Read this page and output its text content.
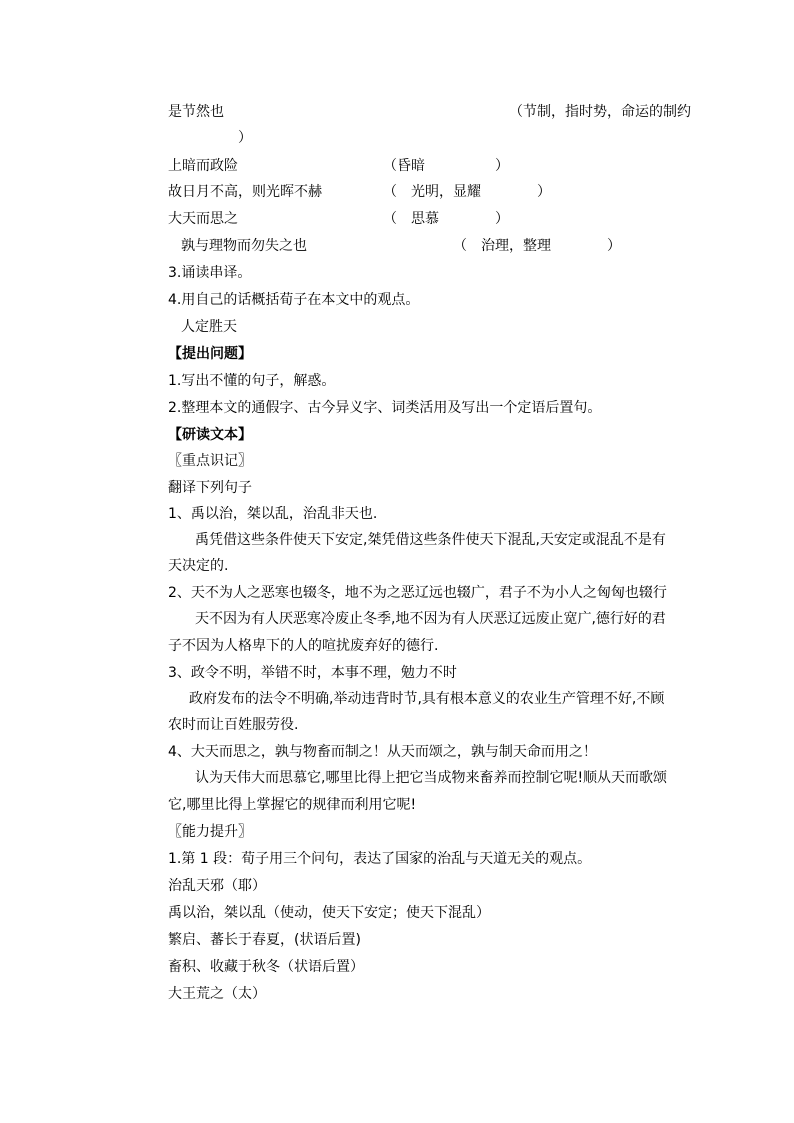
是节然也	（节制，指时势，命运的制约
）
上暗而政险	（昏暗　　　　　）
故日月不高，则光晖不赫	（　光明，显耀　　　　）
大天而思之	（　思慕　　　　）
孰与理物而勿失之也	（　治理，整理　　　　）
3.诵读串译。
4.用自己的话概括荀子在本文中的观点。
人定胜天
【提出问题】
1.写出不懂的句子，解惑。
2.整理本文的通假字、古今异义字、词类活用及写出一个定语后置句。
【研读文本】
〖重点识记〗
翻译下列句子
1、禹以治，桀以乱，治乱非天也.
禹凭借这些条件使天下安定,桀凭借这些条件使天下混乱,天安定或混乱不是有
天决定的.
2、天不为人之恶寒也辍冬，地不为之恶辽远也辍广，君子不为小人之匈匈也辍行
天不因为有人厌恶寒冷废止冬季,地不因为有人厌恶辽远废止宽广,德行好的君
子不因为人格卑下的人的喧扰废弃好的德行.
3、政令不明，举错不时，本事不理，勉力不时
政府发布的法令不明确,举动违背时节,具有根本意义的农业生产管理不好,不顾
农时而让百姓服劳役.
4、大天而思之，孰与物畜而制之！从天而颂之，孰与制天命而用之！
认为天伟大而思慕它,哪里比得上把它当成物来畜养而控制它呢!顺从天而歌颂
它,哪里比得上掌握它的规律而利用它呢!
〖能力提升〗
1.第 1 段：荀子用三个问句，表达了国家的治乱与天道无关的观点。
治乱天邪（耶）
禹以治，桀以乱（使动，使天下安定；使天下混乱）
繁启、蕃长于春夏，(状语后置)
畜积、收藏于秋冬（状语后置）
大王荒之（太）
